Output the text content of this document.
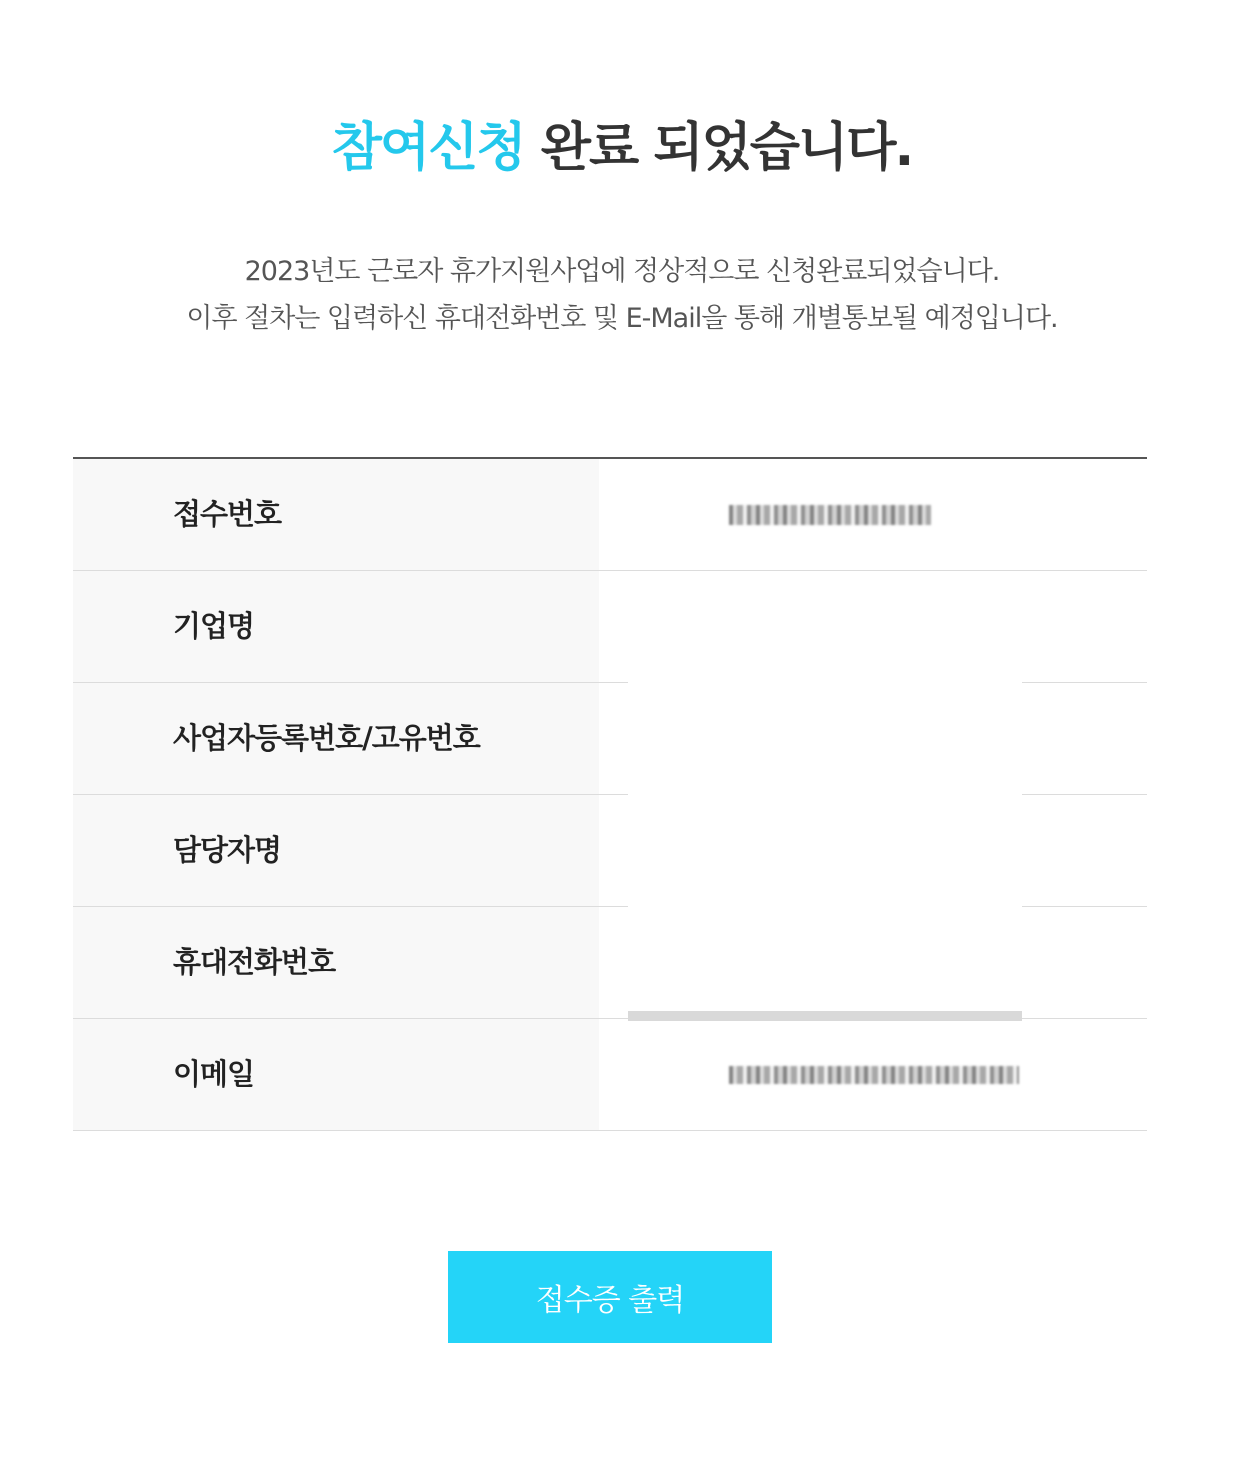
참여신청 완료 되었습니다.
2023년도 근로자 휴가지원사업에 정상적으로 신청완료되었습니다.
이후 절차는 입력하신 휴대전화번호 및 E-Mail을 통해 개별통보될 예정입니다.
접수번호
기업명
사업자등록번호/고유번호
담당자명
휴대전화번호
이메일
접수증 출력
